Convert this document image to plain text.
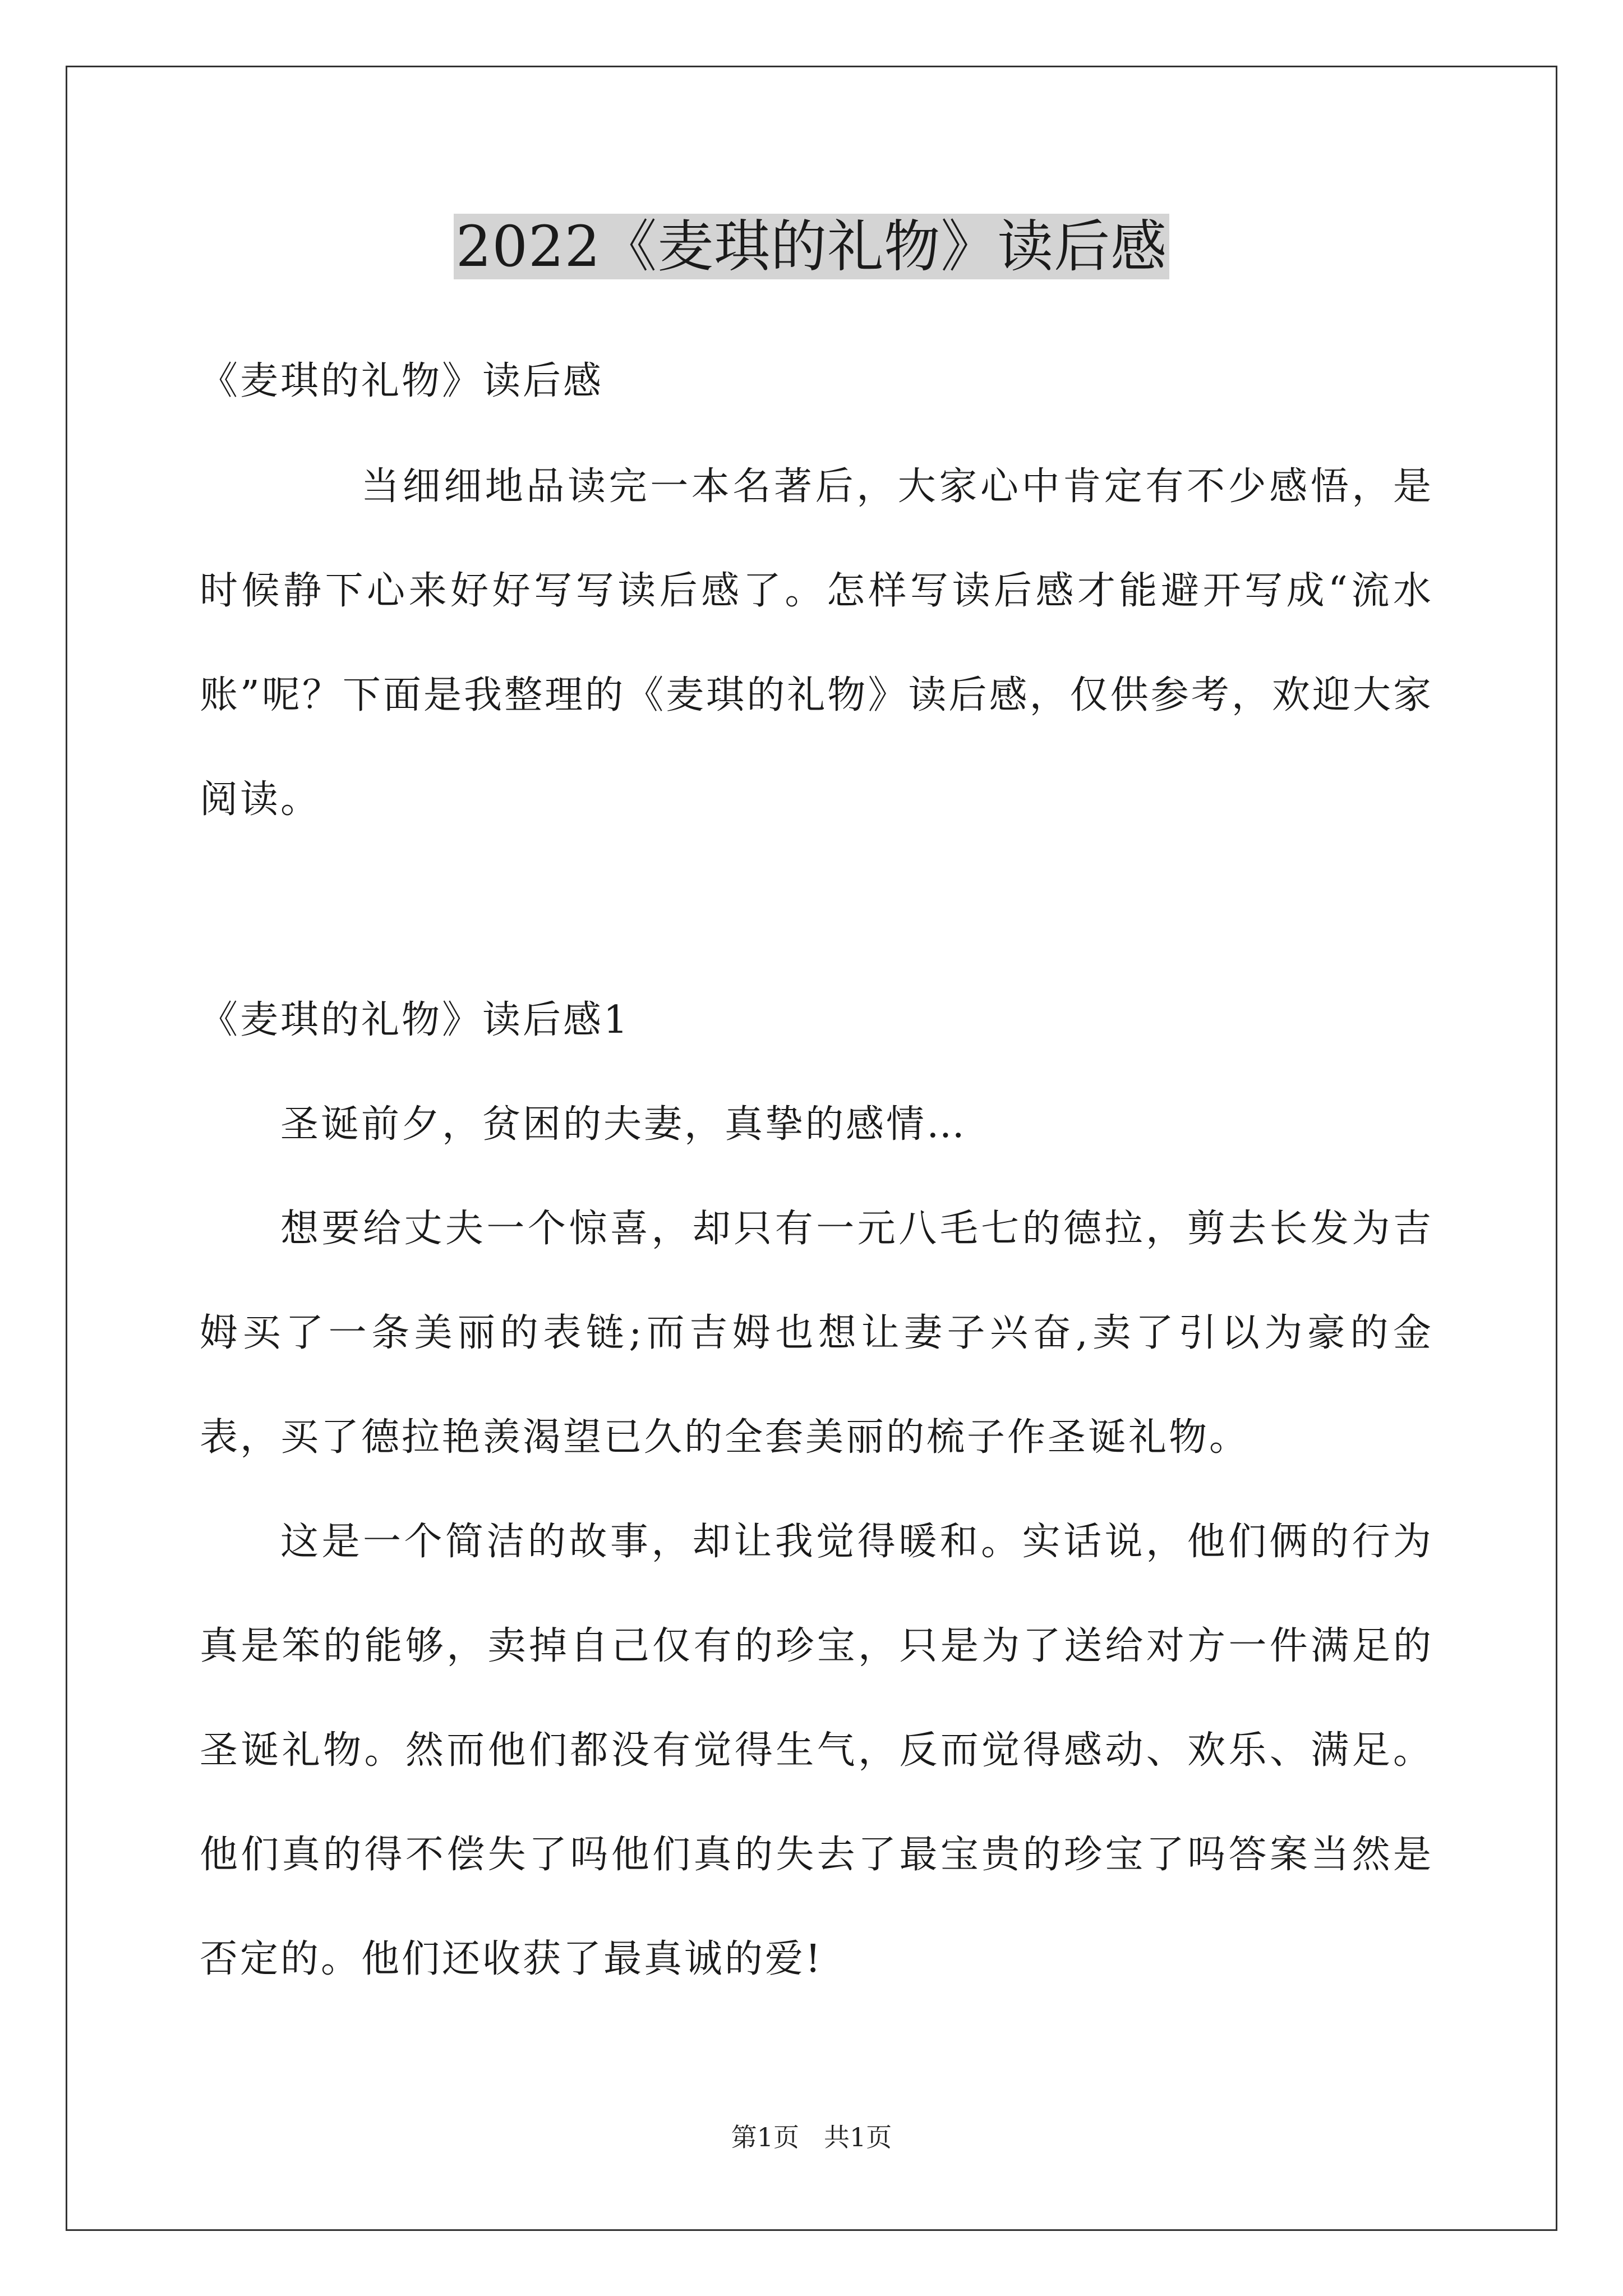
2022《麦琪的礼物》读后感
《麦琪的礼物》读后感
当细细地品读完一本名著后，大家心中肯定有不少感悟，是时候静下心来好好写写读后感了。怎样写读后感才能避开写成“流水账”呢？下面是我整理的《麦琪的礼物》读后感，仅供参考，欢迎大家阅读。

《麦琪的礼物》读后感1

圣诞前夕，贫困的夫妻，真挚的感情…

想要给丈夫一个惊喜，却只有一元八毛七的德拉，剪去长发为吉姆买了一条美丽的表链;而吉姆也想让妻子兴奋,卖了引以为豪的金表，买了德拉艳羡渴望已久的全套美丽的梳子作圣诞礼物。

这是一个简洁的故事，却让我觉得暖和。实话说，他们俩的行为真是笨的能够，卖掉自己仅有的珍宝，只是为了送给对方一件满足的圣诞礼物。然而他们都没有觉得生气，反而觉得感动、欢乐、满足。他们真的得不偿失了吗他们真的失去了最宝贵的珍宝了吗答案当然是否定的。他们还收获了最真诚的爱!

第1页 共1页
